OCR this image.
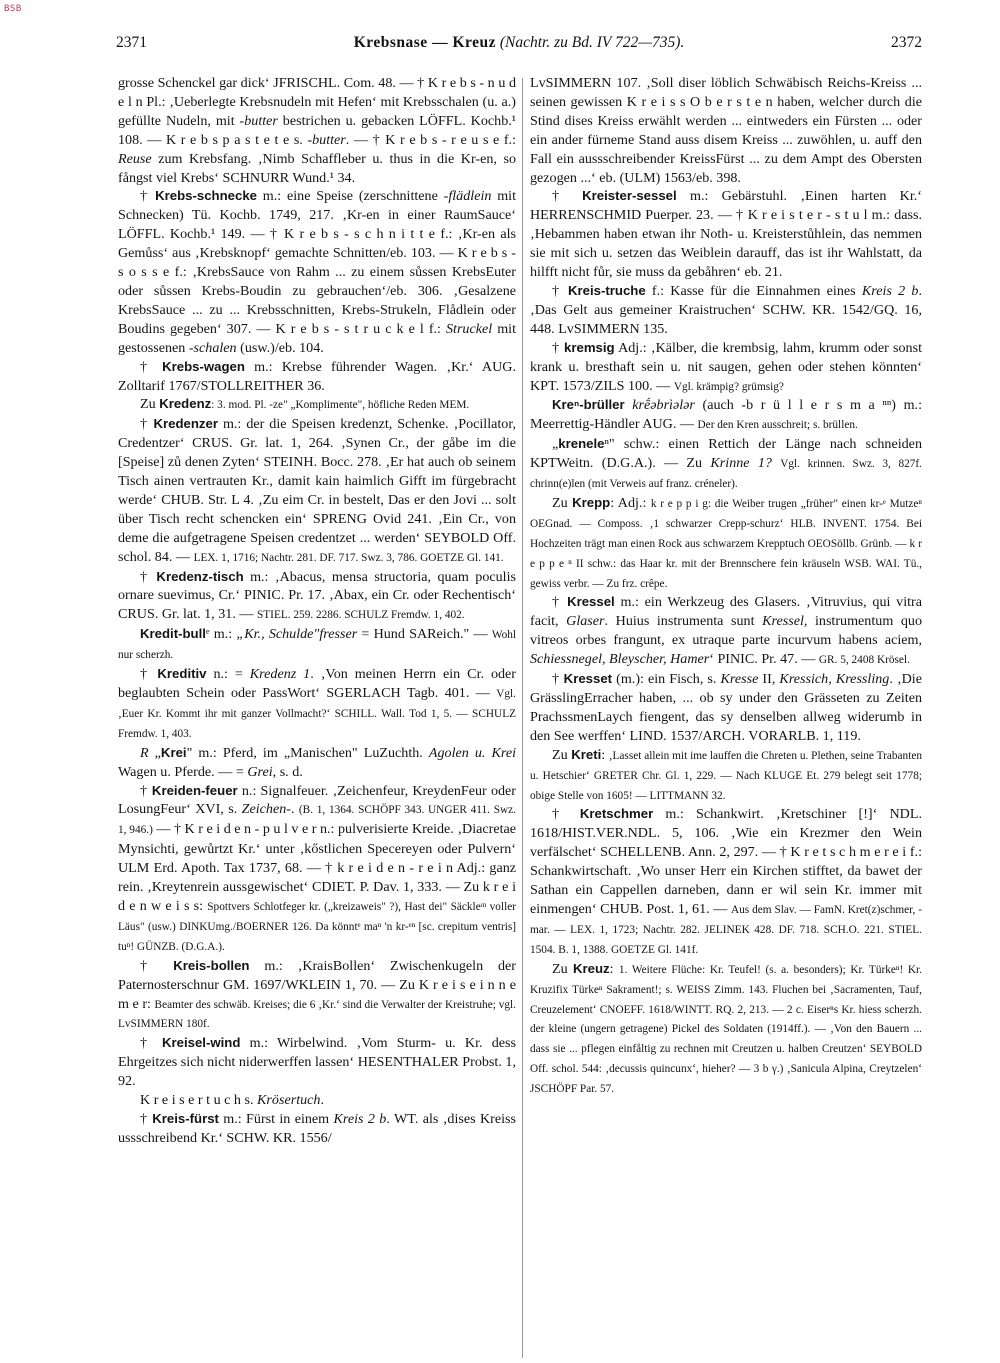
BSB
2371	Krebsnase — Kreuz (Nachtr. zu Bd. IV 722—735).	2372

grosse Schenckel gar dick‘ JFRISCHL. Com. 48. — † K r e b s - n u d e l n Pl.: ‚Ueberlegte Krebsnudeln mit Hefen‘ mit Krebsschalen (u. a.) gefüllte Nudeln, mit -butter bestrichen u. gebacken LÖFFL. Kochb.¹ 108. — K r e b s p a s t e t e s. -butter. — † K r e b s - r e u s e f.: Reuse zum Krebsfang. ‚Nimb Schaffleber u. thus in die Kr-en, so fångst viel Krebs‘ SCHNURR Wund.¹ 34.

† Krebs-schnecke m.: eine Speise (zerschnittene -flädlein mit Schnecken) Tü. Kochb. 1749, 217. ‚Kr-en in einer RaumSauce‘ LÖFFL. Kochb.¹ 149. — † K r e b s - s c h n i t t e f.: ‚Kr-en als Gemůss‘ aus ‚Krebsknopf‘ gemachte Schnitten/eb. 103. — K r e b s - s o s s e f.: ‚KrebsSauce von Rahm ... zu einem sůssen KrebsEuter oder sůssen Krebs-Boudin zu gebrauchen‘/eb. 306. ‚Gesalzene KrebsSauce ... zu ... Krebsschnitten, Krebs-Strukeln, Flådlein oder Boudins gegeben‘ 307. — K r e b s - s t r u c k e l f.: Struckel mit gestossenen -schalen (usw.)/eb. 104.

† Krebs-wagen m.: Krebse führender Wagen. ‚Kr.‘ AUG. Zolltarif 1767/STOLLREITHER 36.

Zu Kredenz: 3. mod. Pl. -ze" „Komplimente", höfliche Reden MEM.

† Kredenzer m.: der die Speisen kredenzt, Schenke. ‚Pocillator, Credentzer‘ CRUS. Gr. lat. 1, 264. ‚Synen Cr., der gåbe im die [Speise] zů denen Zyten‘ STEINH. Bocc. 278. ‚Er hat auch ob seinem Tisch ainen vertrauten Kr., damit kain haimlich Gifft im fürgebracht werde‘ CHUB. Str. L 4. ‚Zu eim Cr. in bestelt, Das er den Jovi ... solt über Tisch recht schencken ein‘ SPRENG Ovid 241. ‚Ein Cr., von deme die aufgetragene Speisen credentzet ... werden‘ SEYBOLD Off. schol. 84. — LEX. 1, 1716; Nachtr. 281. DF. 717. Swz. 3, 786. GOETZE Gl. 141.

† Kredenz-tisch m.: ‚Abacus, mensa structoria, quam poculis ornare suevimus, Cr.‘ PINIC. Pr. 17. ‚Abax, ein Cr. oder Rechentisch‘ CRUS. Gr. lat. 1, 31. — STIEL. 259. 2286. SCHULZ Fremdw. 1, 402.

Kredit-bullᵉ m.: „Kr., Schulde"fresser = Hund SAReich." — Wohl nur scherzh.

† Kreditiv n.: = Kredenz 1. ‚Von meinen Herrn ein Cr. oder beglaubten Schein oder PassWort‘ SGERLACH Tagb. 401. — Vgl. ‚Euer Kr. Kommt ihr mit ganzer Vollmacht?‘ SCHILL. Wall. Tod 1, 5. — SCHULZ Fremdw. 1, 403.

R „Krei" m.: Pferd, im „Manischen" LuZuchth. Agolen u. Krei Wagen u. Pferde. — = Grei, s. d.

† Kreiden-feuer n.: Signalfeuer. ‚Zeichenfeur, KreydenFeur oder LosungFeur‘ XVI, s. Zeichen-. (B. 1, 1364. SCHÖPF 343. UNGER 411. Swz. 1, 946.) — † K r e i d e n - p u l v e r n.: pulverisierte Kreide. ‚Diacretae Mynsichti, gewůrtzt Kr.‘ unter ‚kőstlichen Specereyen oder Pulvern‘ ULM Erd. Apoth. Tax 1737, 68. — † k r e i d e n - r e i n Adj.: ganz rein. ‚Kreytenrein aussgewischet‘ CDIET. P. Dav. 1, 333. — Zu k r e i d e n w e i s s: Spottvers Schlotfeger kr. („kreizaweis" ?), Hast dei" Säckleᶦⁿ voller Läus" (usw.) DINKUmg./BOERNER 126. Da könntᵉ maⁿ 'n kr-ᵉⁿ [sc. crepitum ventris] tuⁿ! GÜNZB. (D.G.A.).

† Kreis-bollen m.: ‚KraisBollen‘ Zwischenkugeln der Paternosterschnur GM. 1697/WKLEIN 1, 70. — Zu K r e i s e i n n e m e r: Beamter des schwäb. Kreises; die 6 ‚Kr.‘ sind die Verwalter der Kreistruhe; vgl. LvSIMMERN 180f.

† Kreisel-wind m.: Wirbelwind. ‚Vom Sturm- u. Kr. dess Ehrgeitzes sich nicht niderwerffen lassen‘ HESENTHALER Probst. 1, 92.

K r e i s e r t u c h s. Krösertuch.

† Kreis-fürst m.: Fürst in einem Kreis 2 b. WT. als ‚dises Kreiss ussschreibend Kr.‘ SCHW. KR. 1556/

LvSIMMERN 107. ‚Soll diser löblich Schwäbisch Reichs-Kreiss ... seinen gewissen K r e i s s O b e r s t e n haben, welcher durch die Stind dises Kreiss erwählt werden ... eintweders ein Fürsten ... oder ein ander fürneme Stand auss disem Kreiss ... zuwöhlen, u. auff den Fall ein aussschreibender KreissFürst ... zu dem Ampt des Obersten gezogen ...‘ eb. (ULM) 1563/eb. 398.

† Kreister-sessel m.: Gebärstuhl. ‚Einen harten Kr.‘ HERRENSCHMID Puerper. 23. — † K r e i s t e r - s t u l m.: dass. ‚Hebammen haben etwan ihr Noth- u. Kreisterstůhlein, das nemmen sie mit sich u. setzen das Weiblein darauff, das ist ihr Wahlstatt, da hilfft nicht fůr, sie muss da gebåhren‘ eb. 21.

† Kreis-truche f.: Kasse für die Einnahmen eines Kreis 2 b. ‚Das Gelt aus gemeiner Kraistruchen‘ SCHW. KR. 1542/GQ. 16, 448. LvSIMMERN 135.

† kremsig Adj.: ‚Kälber, die krembsig, lahm, krumm oder sonst krank u. bresthaft sein u. nit saugen, gehen oder stehen könnten‘ KPT. 1573/ZILS 100. — Vgl. krämpig? grümsig?

Kreⁿ-brüller krḗəbrìələr (auch -b r ü l l e r s m a ⁿⁿ) m.: Meerrettig-Händler AUG. — Der den Kren ausschreit; s. brüllen.

„kreneleⁿ" schw.: einen Rettich der Länge nach schneiden KPTWeitn. (D.G.A.). — Zu Krinne 1? Vgl. krinnen. Swz. 3, 827f. chrinn(e)len (mit Verweis auf franz. créneler).

Zu Krepp: Adj.: k r e p p i g: die Weiber trugen „früher" einen kr-ᵉ Mutzeⁿ OEGnad. — Composs. ‚1 schwarzer Crepp-schurz‘ HLB. INVENT. 1754. Bei Hochzeiten trägt man einen Rock aus schwarzem Krepptuch OEOSöllb. Grünb. — k r e p p e ⁿ II schw.: das Haar kr. mit der Brennschere fein kräuseln WSB. WAI. Tü., gewiss verbr. — Zu frz. crêpe.

† Kressel m.: ein Werkzeug des Glasers. ‚Vitruvius, qui vitra facit, Glaser. Huius instrumenta sunt Kressel, instrumentum quo vitreos orbes frangunt, ex utraque parte incurvum habens aciem, Schiessnegel, Bleyscher, Hamer‘ PINIC. Pr. 47. — GR. 5, 2408 Krösel.

† Kresset (m.): ein Fisch, s. Kresse II, Kressich, Kressling. ‚Die GrässlingErracher haben, ... ob sy under den Grässeten zu Zeiten PrachssmenLaych fiengent, das sy denselben allweg widerumb in den See werffen‘ LIND. 1537/ARCH. VORARLB. 1, 119.

Zu Kreti: ‚Lasset allein mit ime lauffen die Chreten u. Plethen, seine Trabanten u. Hetschier‘ GRETER Chr. Gl. 1, 229. — Nach KLUGE Et. 279 belegt seit 1778; obige Stelle von 1605! — LITTMANN 32.

† Kretschmer m.: Schankwirt. ‚Kretschiner [!]‘ NDL. 1618/HIST.VER.NDL. 5, 106. ‚Wie ein Krezmer den Wein verfälschet‘ SCHELLENB. Ann. 2, 297. — † K r e t s c h m e r e i f.: Schankwirtschaft. ‚Wo unser Herr ein Kirchen stifftet, da bawet der Sathan ein Cappellen darneben, dann er wil sein Kr. immer mit einmengen‘ CHUB. Post. 1, 61. — Aus dem Slav. — FamN. Kret(z)schmer, -mar. — LEX. 1, 1723; Nachtr. 282. JELINEK 428. DF. 718. SCH.O. 221. STIEL. 1504. B. 1, 1388. GOETZE Gl. 141f.

Zu Kreuz: 1. Weitere Flüche: Kr. Teufel! (s. a. besonders); Kr. Türkeⁿ! Kr. Kruzifix Türkeⁿ Sakrament!; s. WEISS Zimm. 143. Fluchen bei ‚Sacramenten, Tauf, Creuzelement‘ CNOEFF. 1618/WINTT. RQ. 2, 213. — 2 c. Eiserⁿs Kr. hiess scherzh. der kleine (ungern getragene) Pickel des Soldaten (1914ff.). — ‚Von den Bauern ... dass sie ... pflegen einfåltig zu rechnen mit Creutzen u. halben Creutzen‘ SEYBOLD Off. schol. 544: ‚decussis quincunx‘, hieher? — 3 b γ.) ‚Sanicula Alpina, Creytzelen‘ JSCHÖPF Par. 57.
